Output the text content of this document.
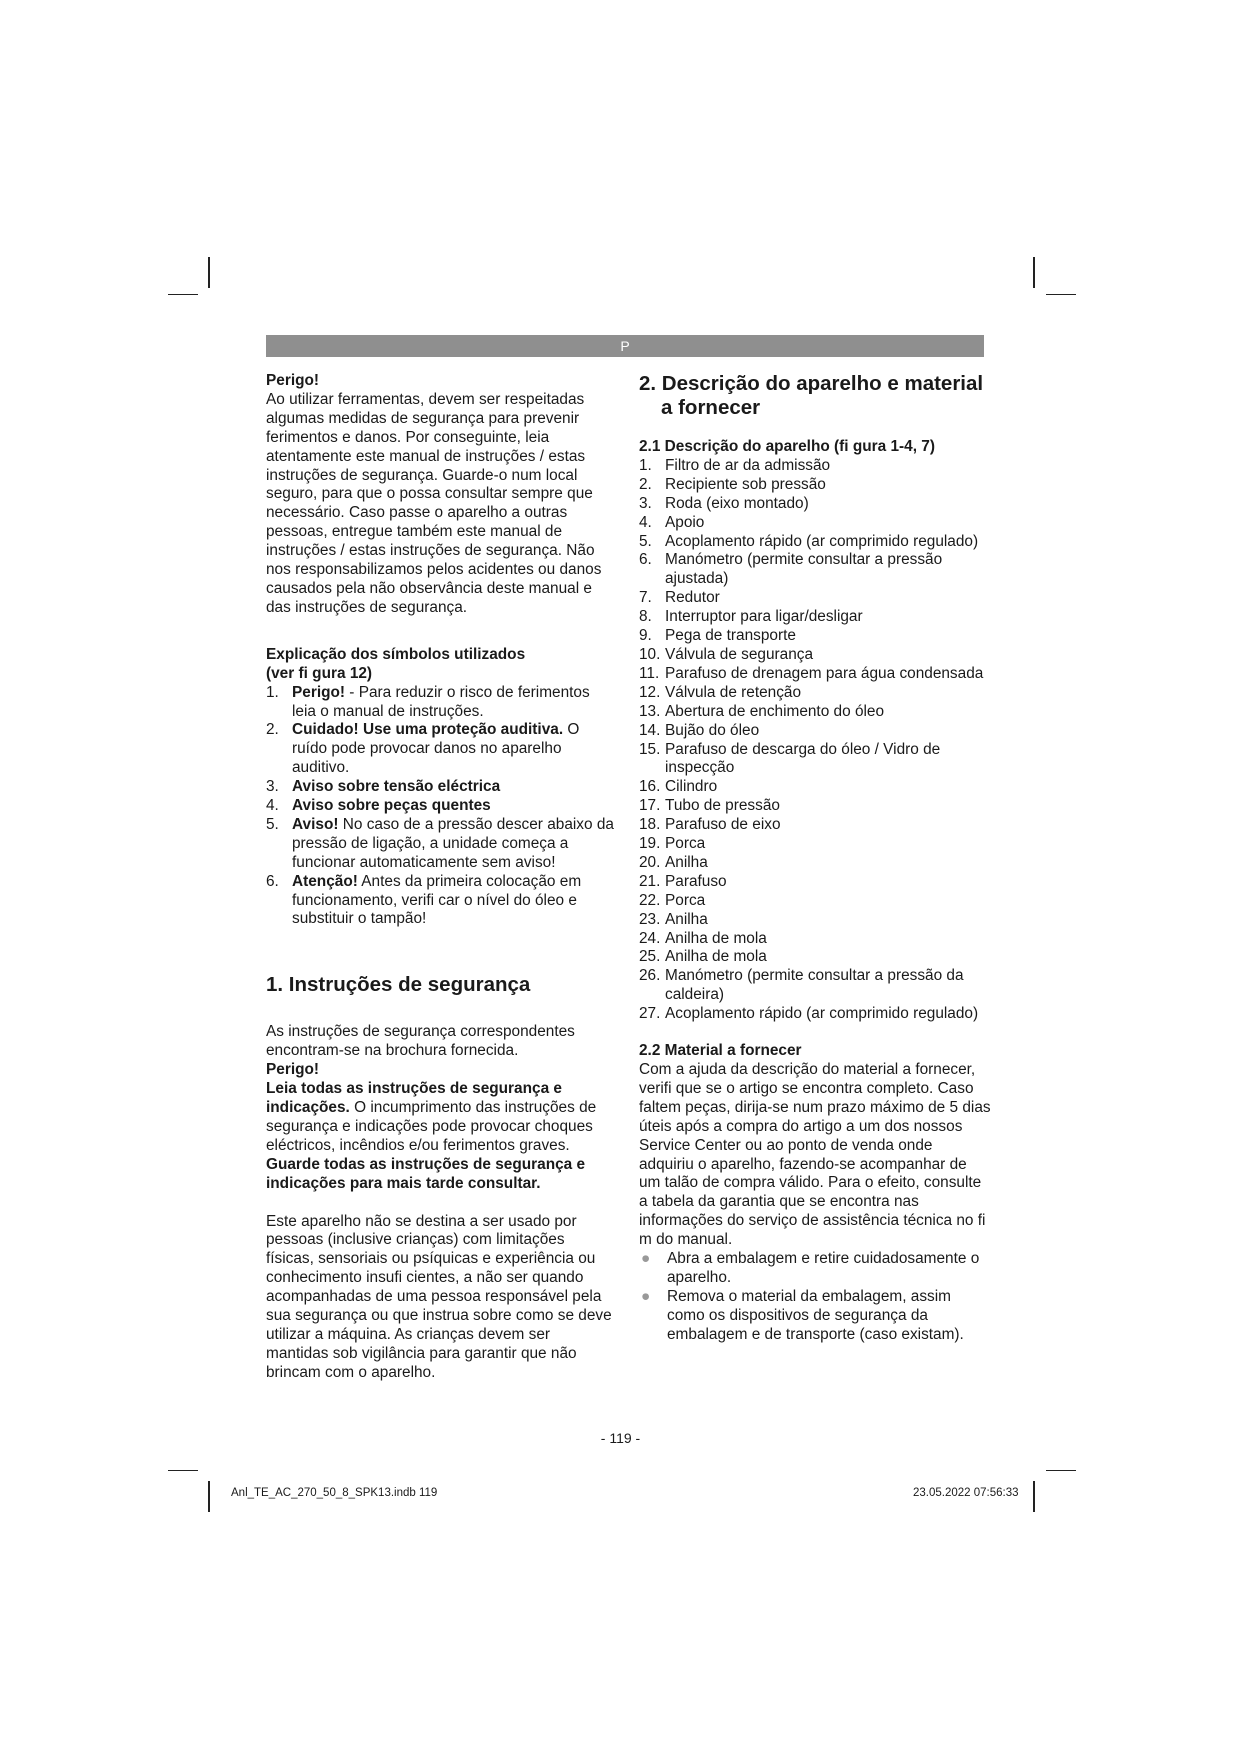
P

Perigo!

Ao utilizar ferramentas, devem ser respeitadas algumas medidas de segurança para prevenir ferimentos e danos. Por conseguinte, leia atentamente este manual de instruções / estas instruções de segurança. Guarde-o num local seguro, para que o possa consultar sempre que necessário. Caso passe o aparelho a outras pessoas, entregue também este manual de instruções / estas instruções de segurança. Não nos responsabilizamos pelos acidentes ou danos causados pela não observância deste manual e das instruções de segurança.

Explicação dos símbolos utilizados

(ver fi gura 12)

1. Perigo! - Para reduzir o risco de ferimentos leia o manual de instruções.
2. Cuidado! Use uma proteção auditiva. O ruído pode provocar danos no aparelho auditivo.
3. Aviso sobre tensão eléctrica
4. Aviso sobre peças quentes
5. Aviso! No caso de a pressão descer abaixo da pressão de ligação, a unidade começa a funcionar automaticamente sem aviso!
6. Atenção! Antes da primeira colocação em funcionamento, verifi car o nível do óleo e substituir o tampão!

1. Instruções de segurança

As instruções de segurança correspondentes encontram-se na brochura fornecida.

Perigo!

Leia todas as instruções de segurança e indicações. O incumprimento das instruções de segurança e indicações pode provocar choques eléctricos, incêndios e/ou ferimentos graves.

Guarde todas as instruções de segurança e indicações para mais tarde consultar.

Este aparelho não se destina a ser usado por pessoas (inclusive crianças) com limitações físicas, sensoriais ou psíquicas e experiência ou conhecimento insufi cientes, a não ser quando acompanhadas de uma pessoa responsável pela sua segurança ou que instrua sobre como se deve utilizar a máquina. As crianças devem ser mantidas sob vigilância para garantir que não brincam com o aparelho.

2. Descrição do aparelho e material
a fornecer

2.1 Descrição do aparelho (fi gura 1-4, 7)

1. Filtro de ar da admissão
2. Recipiente sob pressão
3. Roda (eixo montado)
4. Apoio
5. Acoplamento rápido (ar comprimido regulado)
6. Manómetro (permite consultar a pressão ajustada)
7. Redutor
8. Interruptor para ligar/desligar
9. Pega de transporte
10. Válvula de segurança
11. Parafuso de drenagem para água condensada
12. Válvula de retenção
13. Abertura de enchimento do óleo
14. Bujão do óleo
15. Parafuso de descarga do óleo / Vidro de inspecção
16. Cilindro
17. Tubo de pressão
18. Parafuso de eixo
19. Porca
20. Anilha
21. Parafuso
22. Porca
23. Anilha
24. Anilha de mola
25. Anilha de mola
26. Manómetro (permite consultar a pressão da caldeira)
27. Acoplamento rápido (ar comprimido regulado)

2.2 Material a fornecer

Com a ajuda da descrição do material a fornecer, verifi que se o artigo se encontra completo. Caso faltem peças, dirija-se num prazo máximo de 5 dias úteis após a compra do artigo a um dos nossos Service Center ou ao ponto de venda onde adquiriu o aparelho, fazendo-se acompanhar de um talão de compra válido. Para o efeito, consulte a tabela da garantia que se encontra nas informações do serviço de assistência técnica no fi m do manual.

● Abra a embalagem e retire cuidadosamente o aparelho.
● Remova o material da embalagem, assim como os dispositivos de segurança da embalagem e de transporte (caso existam).
- 119 -
Anl_TE_AC_270_50_8_SPK13.indb 119	23.05.2022 07:56:33
